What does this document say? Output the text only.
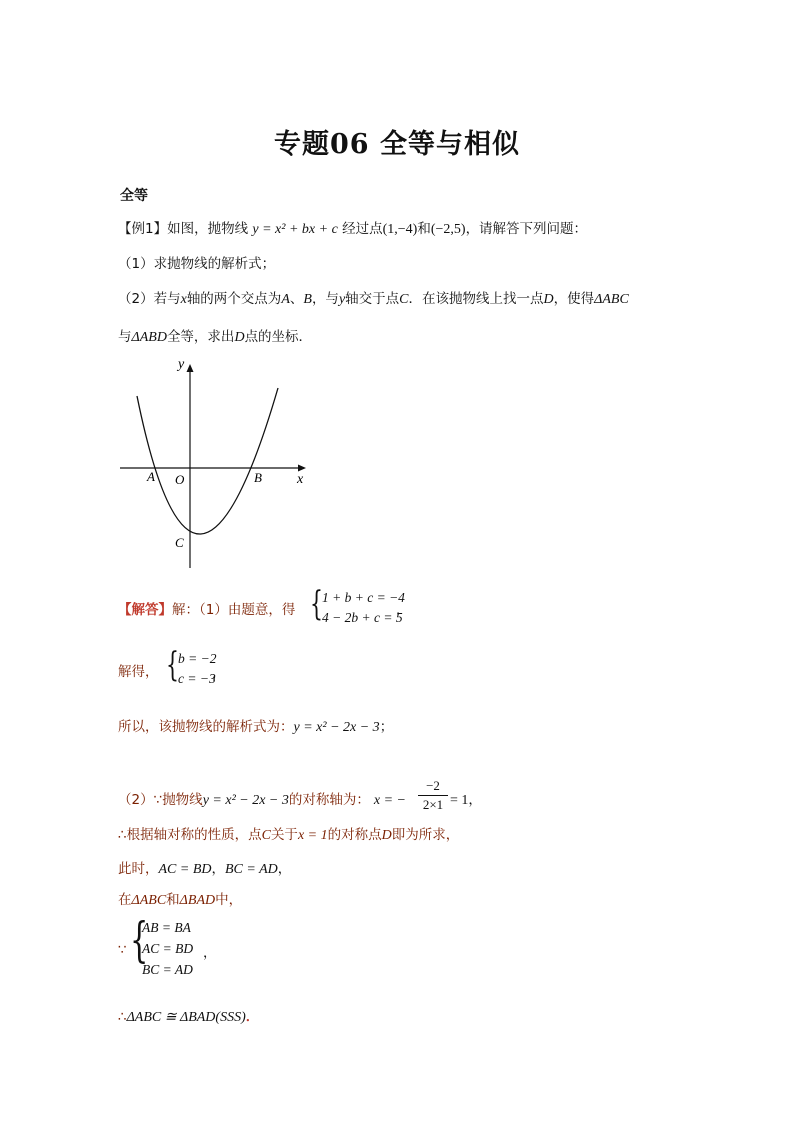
专题06 全等与相似
全等
【例1】如图，抛物线 y = x² + bx + c 经过点(1,−4)和(−2,5)，请解答下列问题：
（1）求抛物线的解析式；
（2）若与x轴的两个交点为A、B，与y轴交于点C．在该抛物线上找一点D，使得ΔABC
与ΔABD全等，求出D点的坐标．
y
x
A O	B
C
【解答】解：（1）由题意，得 { 1 + b + c = −4
4 − 2b + c = 5
，
解得， { b = −2
c = −3
，
所以，该抛物线的解析式为：y = x² − 2x − 3；
（2）∵抛物线y = x² − 2x − 3的对称轴为： x = −
−2
2×1 = 1，
∴根据轴对称的性质，点C关于x = 1的对称点D即为所求，
此时，AC = BD，BC = AD，
在ΔABC和ΔBAD中，
∵ {
AB = BA
AC = BD
BC = AD
，
∴ΔABC ≅ ΔBAD(SSS)．
